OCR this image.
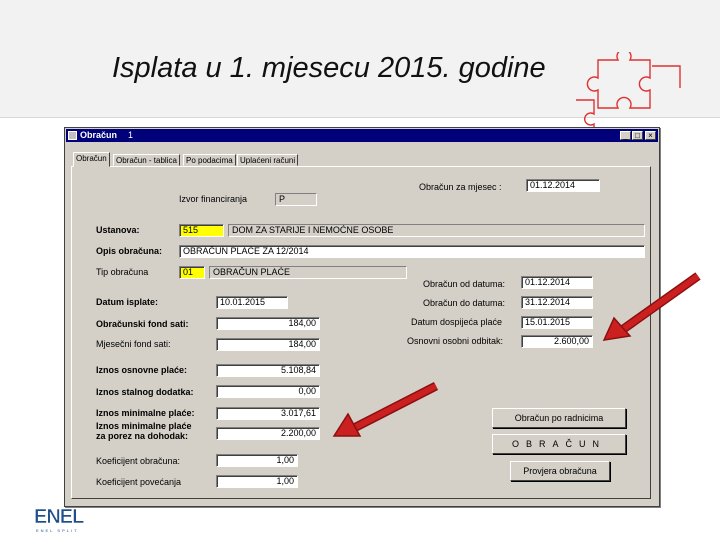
Isplata u 1. mjesecu 2015. godine
Obračun 1	_ □	×
Obračun	Obračun - tablica	Po podacima Uplaćeni računi
Izvor financiranja	P
Obračun za mjesec :	01.12.2014
Ustanova:	515	DOM ZA STARIJE I NEMOĆNE OSOBE
Opis obračuna:	OBRAČUN PLAĆE ZA 12/2014
Tip obračuna	01	OBRAČUN PLAĆE
Obračun od datuma:	01.12.2014
Obračun do datuma:	31.12.2014
Datum dospijeća plaće	15.01.2015
Osnovni osobni odbitak:	2.600,00
Datum isplate:	10.01.2015
Obračunski fond sati:	184,00
Mjesečni fond sati:	184,00
Iznos osnovne plaće:	5.108,84
Iznos stalnog dodatka:	0,00
Iznos minimalne plaće:	3.017,61
Iznos minimalne plaće
za porez na dohodak:	2.200,00
Koeficijent obračuna:	1,00
Koeficijent povećanja	1,00
Obračun po radnicima
OBRAČUN
Provjera obračuna
ENEL
ENEL SPLIT
